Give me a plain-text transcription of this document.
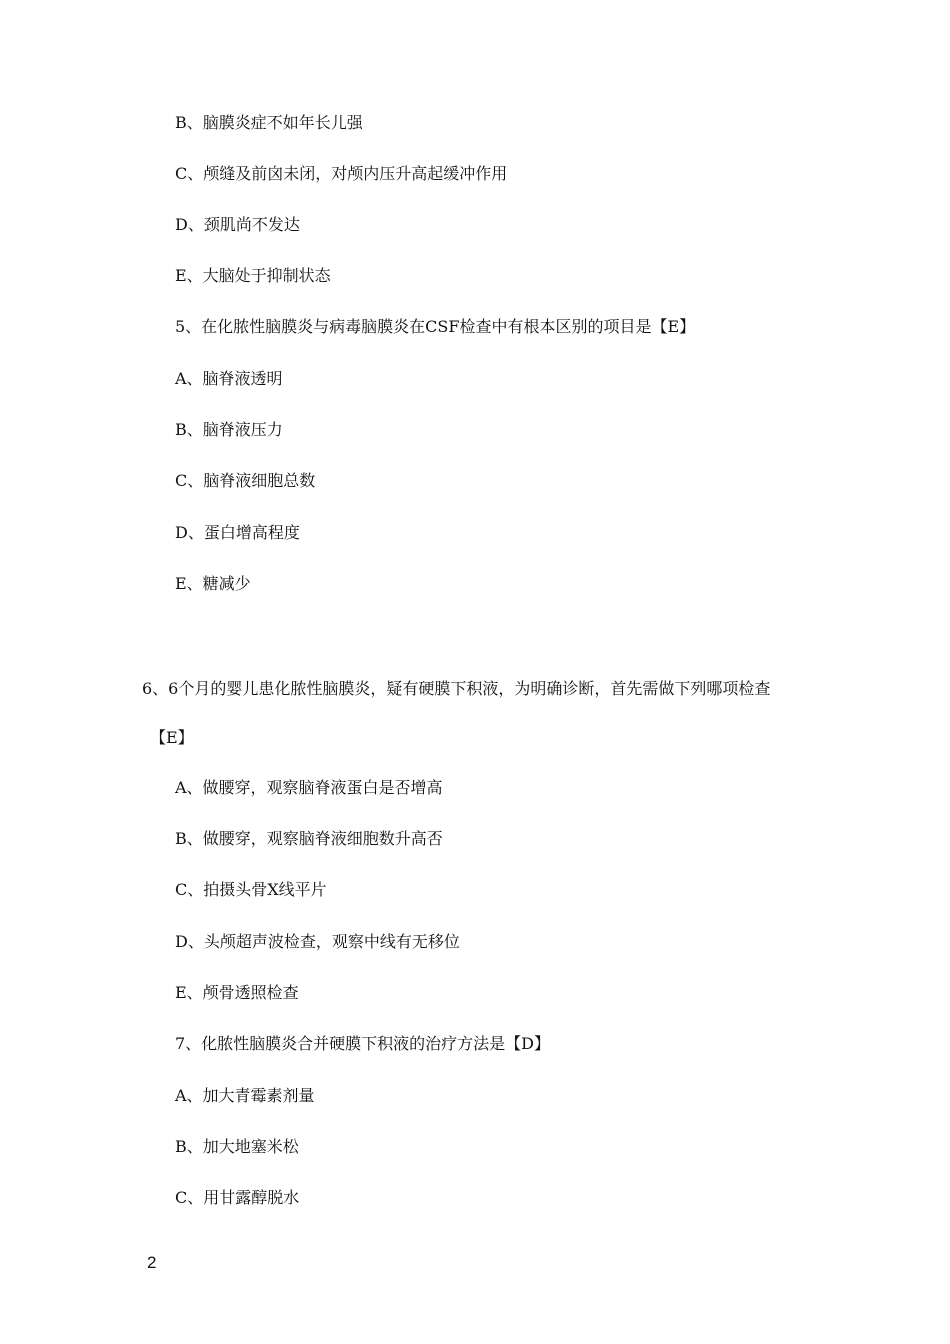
B、脑膜炎症不如年长儿强
C、颅缝及前囟未闭，对颅内压升高起缓冲作用
D、颈肌尚不发达
E、大脑处于抑制状态
5、在化脓性脑膜炎与病毒脑膜炎在CSF检查中有根本区别的项目是【E】
A、脑脊液透明
B、脑脊液压力
C、脑脊液细胞总数
D、蛋白增高程度
E、糖减少
6、6个月的婴儿患化脓性脑膜炎，疑有硬膜下积液，为明确诊断，首先需做下列哪项检查
【E】
A、做腰穿，观察脑脊液蛋白是否增高
B、做腰穿，观察脑脊液细胞数升高否
C、拍摄头骨X线平片
D、头颅超声波检查，观察中线有无移位
E、颅骨透照检查
7、化脓性脑膜炎合并硬膜下积液的治疗方法是【D】
A、加大青霉素剂量
B、加大地塞米松
C、用甘露醇脱水
2
